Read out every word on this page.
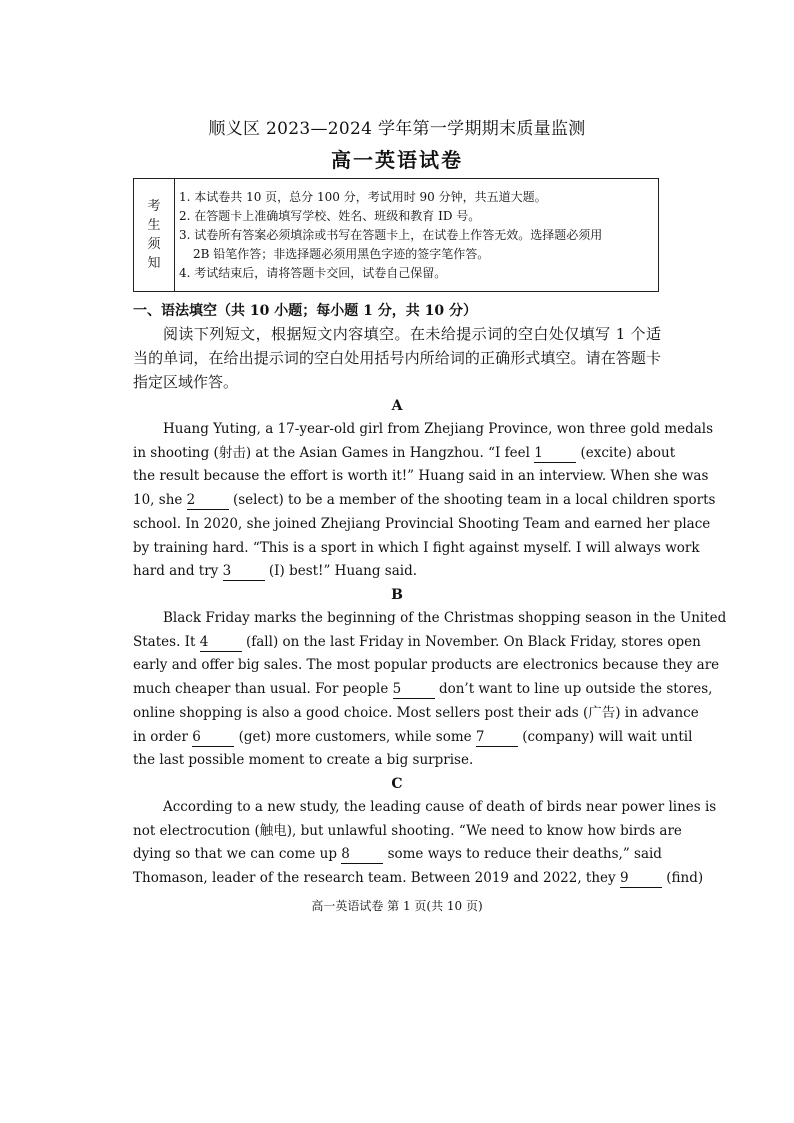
顺义区 2023—2024 学年第一学期期末质量监测
高一英语试卷
考
生
须
知
1. 本试卷共 10 页，总分 100 分，考试用时 90 分钟，共五道大题。
2. 在答题卡上准确填写学校、姓名、班级和教育 ID 号。
3. 试卷所有答案必须填涂或书写在答题卡上，在试卷上作答无效。选择题必须用
2B 铅笔作答；非选择题必须用黑色字迹的签字笔作答。
4. 考试结束后，请将答题卡交回，试卷自己保留。
一、语法填空（共 10 小题；每小题 1 分，共 10 分）
阅读下列短文，根据短文内容填空。在未给提示词的空白处仅填写 1 个适当的单词，在给出提示词的空白处用括号内所给词的正确形式填空。请在答题卡指定区域作答。
A
Huang Yuting, a 17-year-old girl from Zhejiang Province, won three gold medals
in shooting (射击) at the Asian Games in Hangzhou. “I feel 1	(excite) about
the result because the effort is worth it!” Huang said in an interview. When she was
10, she 2	(select) to be a member of the shooting team in a local children sports
school. In 2020, she joined Zhejiang Provincial Shooting Team and earned her place
by training hard. “This is a sport in which I fight against myself. I will always work
hard and try 3	(I) best!” Huang said.
B
Black Friday marks the beginning of the Christmas shopping season in the United
States. It 4	(fall) on the last Friday in November. On Black Friday, stores open
early and offer big sales. The most popular products are electronics because they are
much cheaper than usual. For people 5	don’t want to line up outside the stores,
online shopping is also a good choice. Most sellers post their ads (广告) in advance
in order 6	(get) more customers, while some 7	(company) will wait until
the last possible moment to create a big surprise.
C
According to a new study, the leading cause of death of birds near power lines is
not electrocution (触电), but unlawful shooting. “We need to know how birds are
dying so that we can come up 8	some ways to reduce their deaths,” said
Thomason, leader of the research team. Between 2019 and 2022, they 9	(find)
高一英语试卷 第 1 页(共 10 页)
